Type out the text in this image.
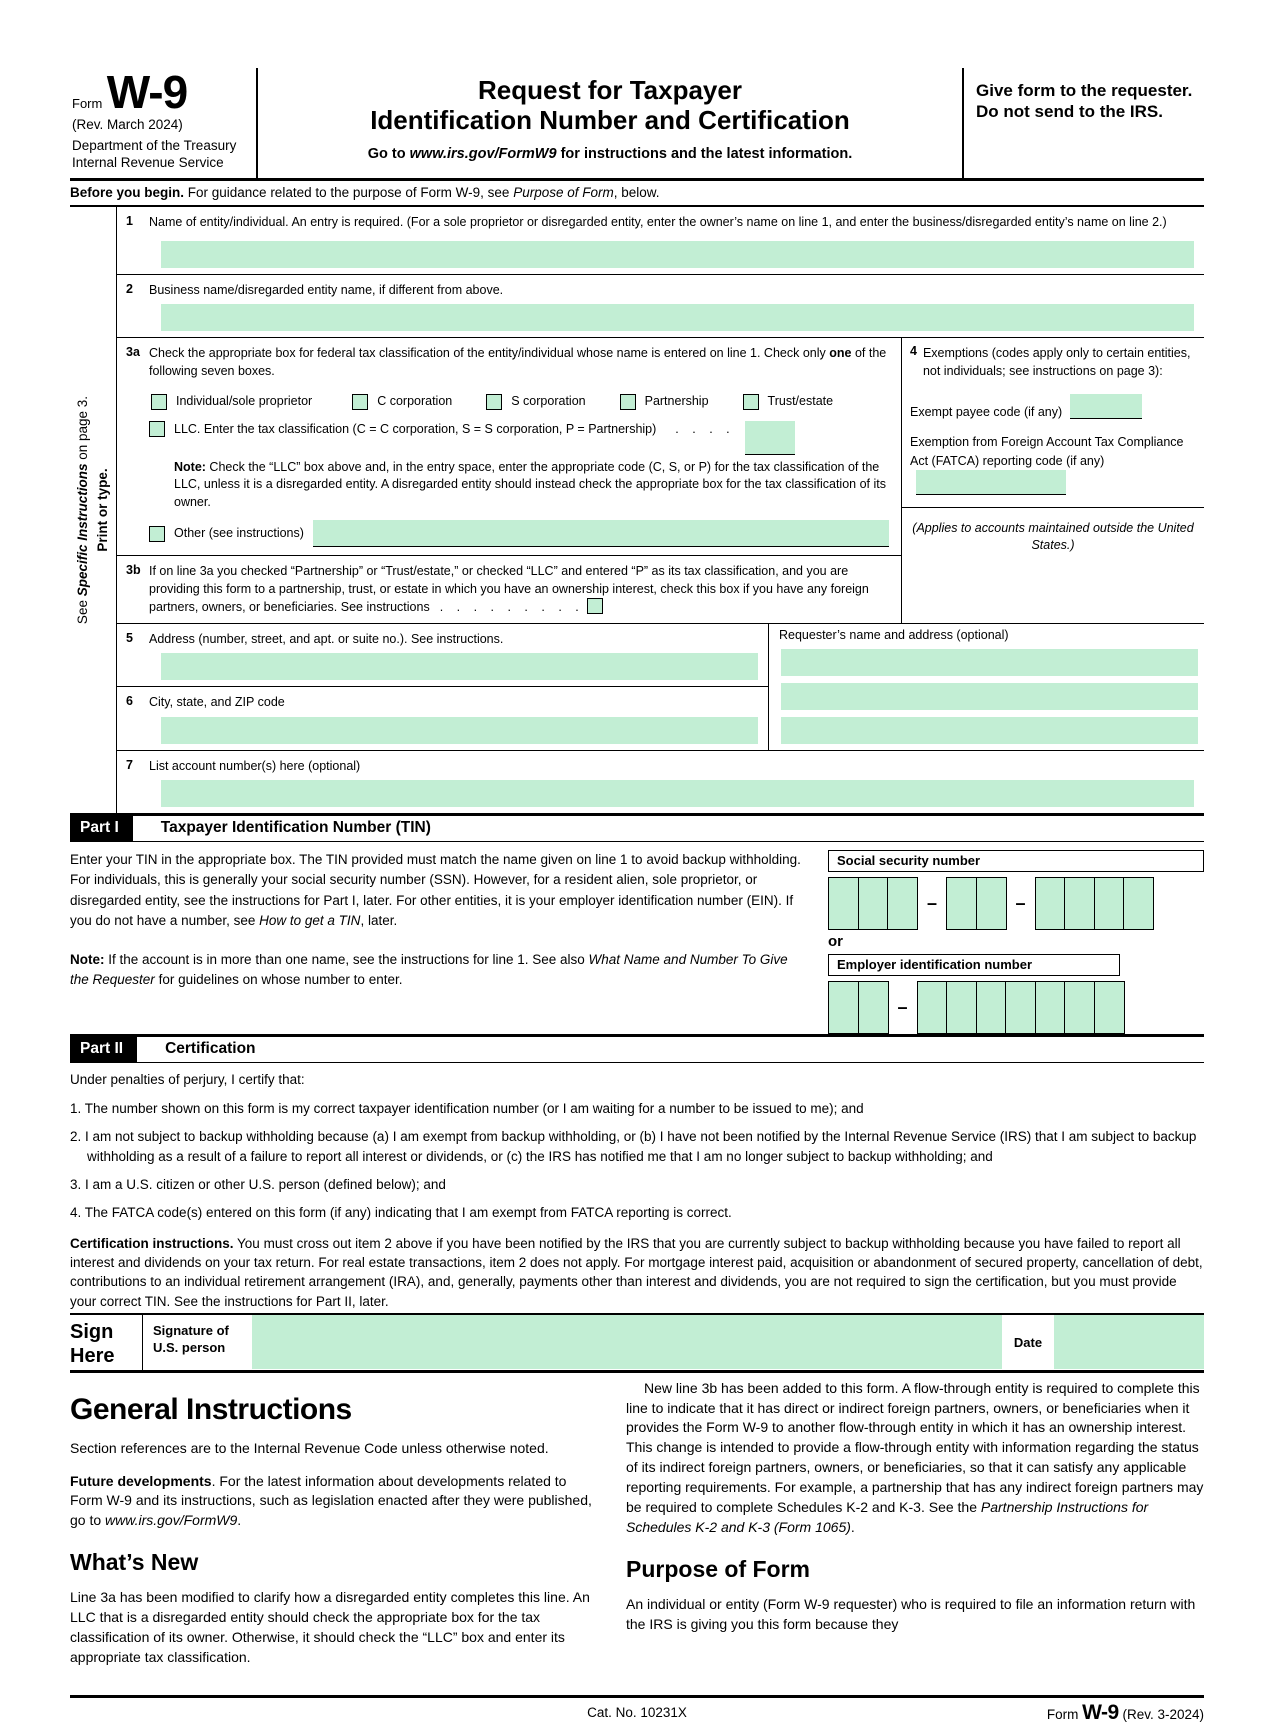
Form W-9
(Rev. March 2024)
Department of the Treasury
Internal Revenue Service
Request for Taxpayer
Identification Number and Certification
Go to www.irs.gov/FormW9 for instructions and the latest information.
Give form to the requester. Do not send to the IRS.
Before you begin. For guidance related to the purpose of Form W-9, see Purpose of Form, below.
See Specific Instructions on page 3.
Print or type.
1	Name of entity/individual. An entry is required. (For a sole proprietor or disregarded entity, enter the owner’s name on line 1, and enter the business/disregarded entity’s name on line 2.)
2	Business name/disregarded entity name, if different from above.
3a Check the appropriate box for federal tax classification of the entity/individual whose name is entered on line 1. Check only one of the following seven boxes.
Individual/sole proprietor	C corporation	S corporation	Partnership	Trust/estate
LLC. Enter the tax classification (C = C corporation, S = S corporation, P = Partnership)	. . . .
Note: Check the “LLC” box above and, in the entry space, enter the appropriate code (C, S, or P) for the tax classification of the LLC, unless it is a disregarded entity. A disregarded entity should instead check the appropriate box for the tax classification of its owner.
Other (see instructions)
3b If on line 3a you checked “Partnership” or “Trust/estate,” or checked “LLC” and entered “P” as its tax classification, and you are providing this form to a partnership, trust, or estate in which you have an ownership interest, check this box if you have any foreign partners, owners, or beneficiaries. See instructions . . . . . . . . .
4 Exemptions (codes apply only to certain entities, not individuals; see instructions on page 3):
Exempt payee code (if any)
Exemption from Foreign Account Tax Compliance Act (FATCA) reporting code (if any)
(Applies to accounts maintained outside the United States.)
5	Address (number, street, and apt. or suite no.). See instructions.
6	City, state, and ZIP code
Requester’s name and address (optional)
7	List account number(s) here (optional)
Part I	Taxpayer Identification Number (TIN)

Enter your TIN in the appropriate box. The TIN provided must match the name given on line 1 to avoid backup withholding. For individuals, this is generally your social security number (SSN). However, for a resident alien, sole proprietor, or disregarded entity, see the instructions for Part I, later. For other entities, it is your employer identification number (EIN). If you do not have a number, see How to get a TIN, later.

Note: If the account is in more than one name, see the instructions for line 1. See also What Name and Number To Give the Requester for guidelines on whose number to enter.

Social security number
–	–
or
Employer identification number
–
Part II	Certification
Under penalties of perjury, I certify that:
1. The number shown on this form is my correct taxpayer identification number (or I am waiting for a number to be issued to me); and
2. I am not subject to backup withholding because (a) I am exempt from backup withholding, or (b) I have not been notified by the Internal Revenue Service (IRS) that I am subject to backup withholding as a result of a failure to report all interest or dividends, or (c) the IRS has notified me that I am no longer subject to backup withholding; and
3. I am a U.S. citizen or other U.S. person (defined below); and
4. The FATCA code(s) entered on this form (if any) indicating that I am exempt from FATCA reporting is correct.
Certification instructions. You must cross out item 2 above if you have been notified by the IRS that you are currently subject to backup withholding because you have failed to report all interest and dividends on your tax return. For real estate transactions, item 2 does not apply. For mortgage interest paid, acquisition or abandonment of secured property, cancellation of debt, contributions to an individual retirement arrangement (IRA), and, generally, payments other than interest and dividends, you are not required to sign the certification, but you must provide your correct TIN. See the instructions for Part II, later.
Sign
Here
Signature of
U.S. person	Date
General Instructions

Section references are to the Internal Revenue Code unless otherwise noted.

Future developments. For the latest information about developments related to Form W-9 and its instructions, such as legislation enacted after they were published, go to www.irs.gov/FormW9.

What’s New

Line 3a has been modified to clarify how a disregarded entity completes this line. An LLC that is a disregarded entity should check the appropriate box for the tax classification of its owner. Otherwise, it should check the “LLC” box and enter its appropriate tax classification.

New line 3b has been added to this form. A flow-through entity is required to complete this line to indicate that it has direct or indirect foreign partners, owners, or beneficiaries when it provides the Form W-9 to another flow-through entity in which it has an ownership interest. This change is intended to provide a flow-through entity with information regarding the status of its indirect foreign partners, owners, or beneficiaries, so that it can satisfy any applicable reporting requirements. For example, a partnership that has any indirect foreign partners may be required to complete Schedules K-2 and K-3. See the Partnership Instructions for Schedules K-2 and K-3 (Form 1065).

Purpose of Form

An individual or entity (Form W-9 requester) who is required to file an information return with the IRS is giving you this form because they

Cat. No. 10231X	Form W-9 (Rev. 3-2024)
